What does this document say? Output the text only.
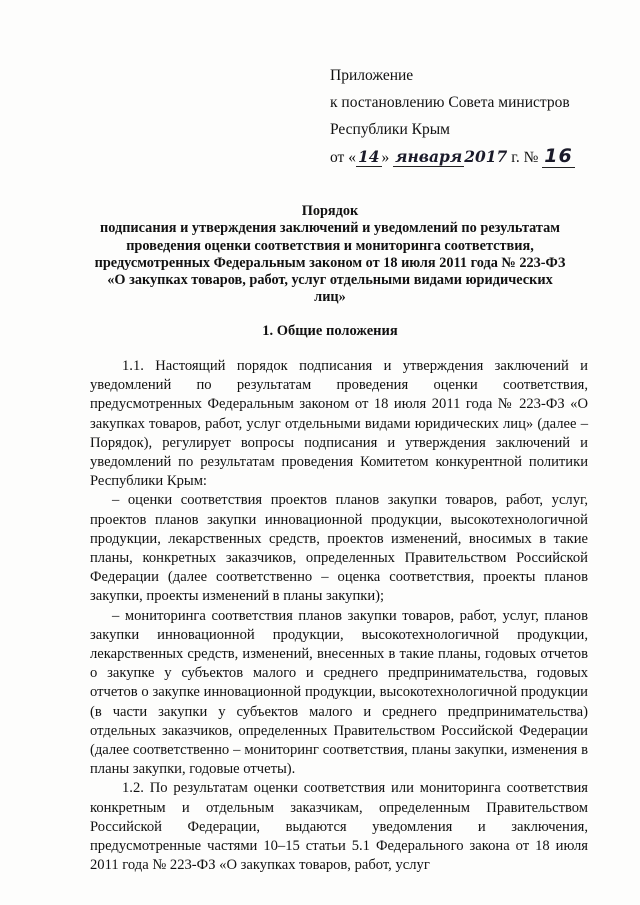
Приложение
к постановлению Совета министров
Республики Крым
от « 14 » января 2017 г. № 16
Порядок
подписания и утверждения заключений и уведомлений по результатам
проведения оценки соответствия и мониторинга соответствия,
предусмотренных Федеральным законом от 18 июля 2011 года № 223-ФЗ
«О закупках товаров, работ, услуг отдельными видами юридических
лиц»
1. Общие положения

1.1. Настоящий порядок подписания и утверждения заключений и уведомлений по результатам проведения оценки соответствия, предусмотренных Федеральным законом от 18 июля 2011 года № 223-ФЗ «О закупках товаров, работ, услуг отдельными видами юридических лиц» (далее – Порядок), регулирует вопросы подписания и утверждения заключений и уведомлений по результатам проведения Комитетом конкурентной политики Республики Крым:

– оценки соответствия проектов планов закупки товаров, работ, услуг, проектов планов закупки инновационной продукции, высокотехнологичной продукции, лекарственных средств, проектов изменений, вносимых в такие планы, конкретных заказчиков, определенных Правительством Российской Федерации (далее соответственно – оценка соответствия, проекты планов закупки, проекты изменений в планы закупки);

– мониторинга соответствия планов закупки товаров, работ, услуг, планов закупки инновационной продукции, высокотехнологичной продукции, лекарственных средств, изменений, внесенных в такие планы, годовых отчетов о закупке у субъектов малого и среднего предпринимательства, годовых отчетов о закупке инновационной продукции, высокотехнологичной продукции (в части закупки у субъектов малого и среднего предпринимательства) отдельных заказчиков, определенных Правительством Российской Федерации (далее соответственно – мониторинг соответствия, планы закупки, изменения в планы закупки, годовые отчеты).

1.2. По результатам оценки соответствия или мониторинга соответствия конкретным и отдельным заказчикам, определенным Правительством Российской Федерации, выдаются уведомления и заключения, предусмотренные частями 10–15 статьи 5.1 Федерального закона от 18 июля 2011 года № 223-ФЗ «О закупках товаров, работ, услуг
